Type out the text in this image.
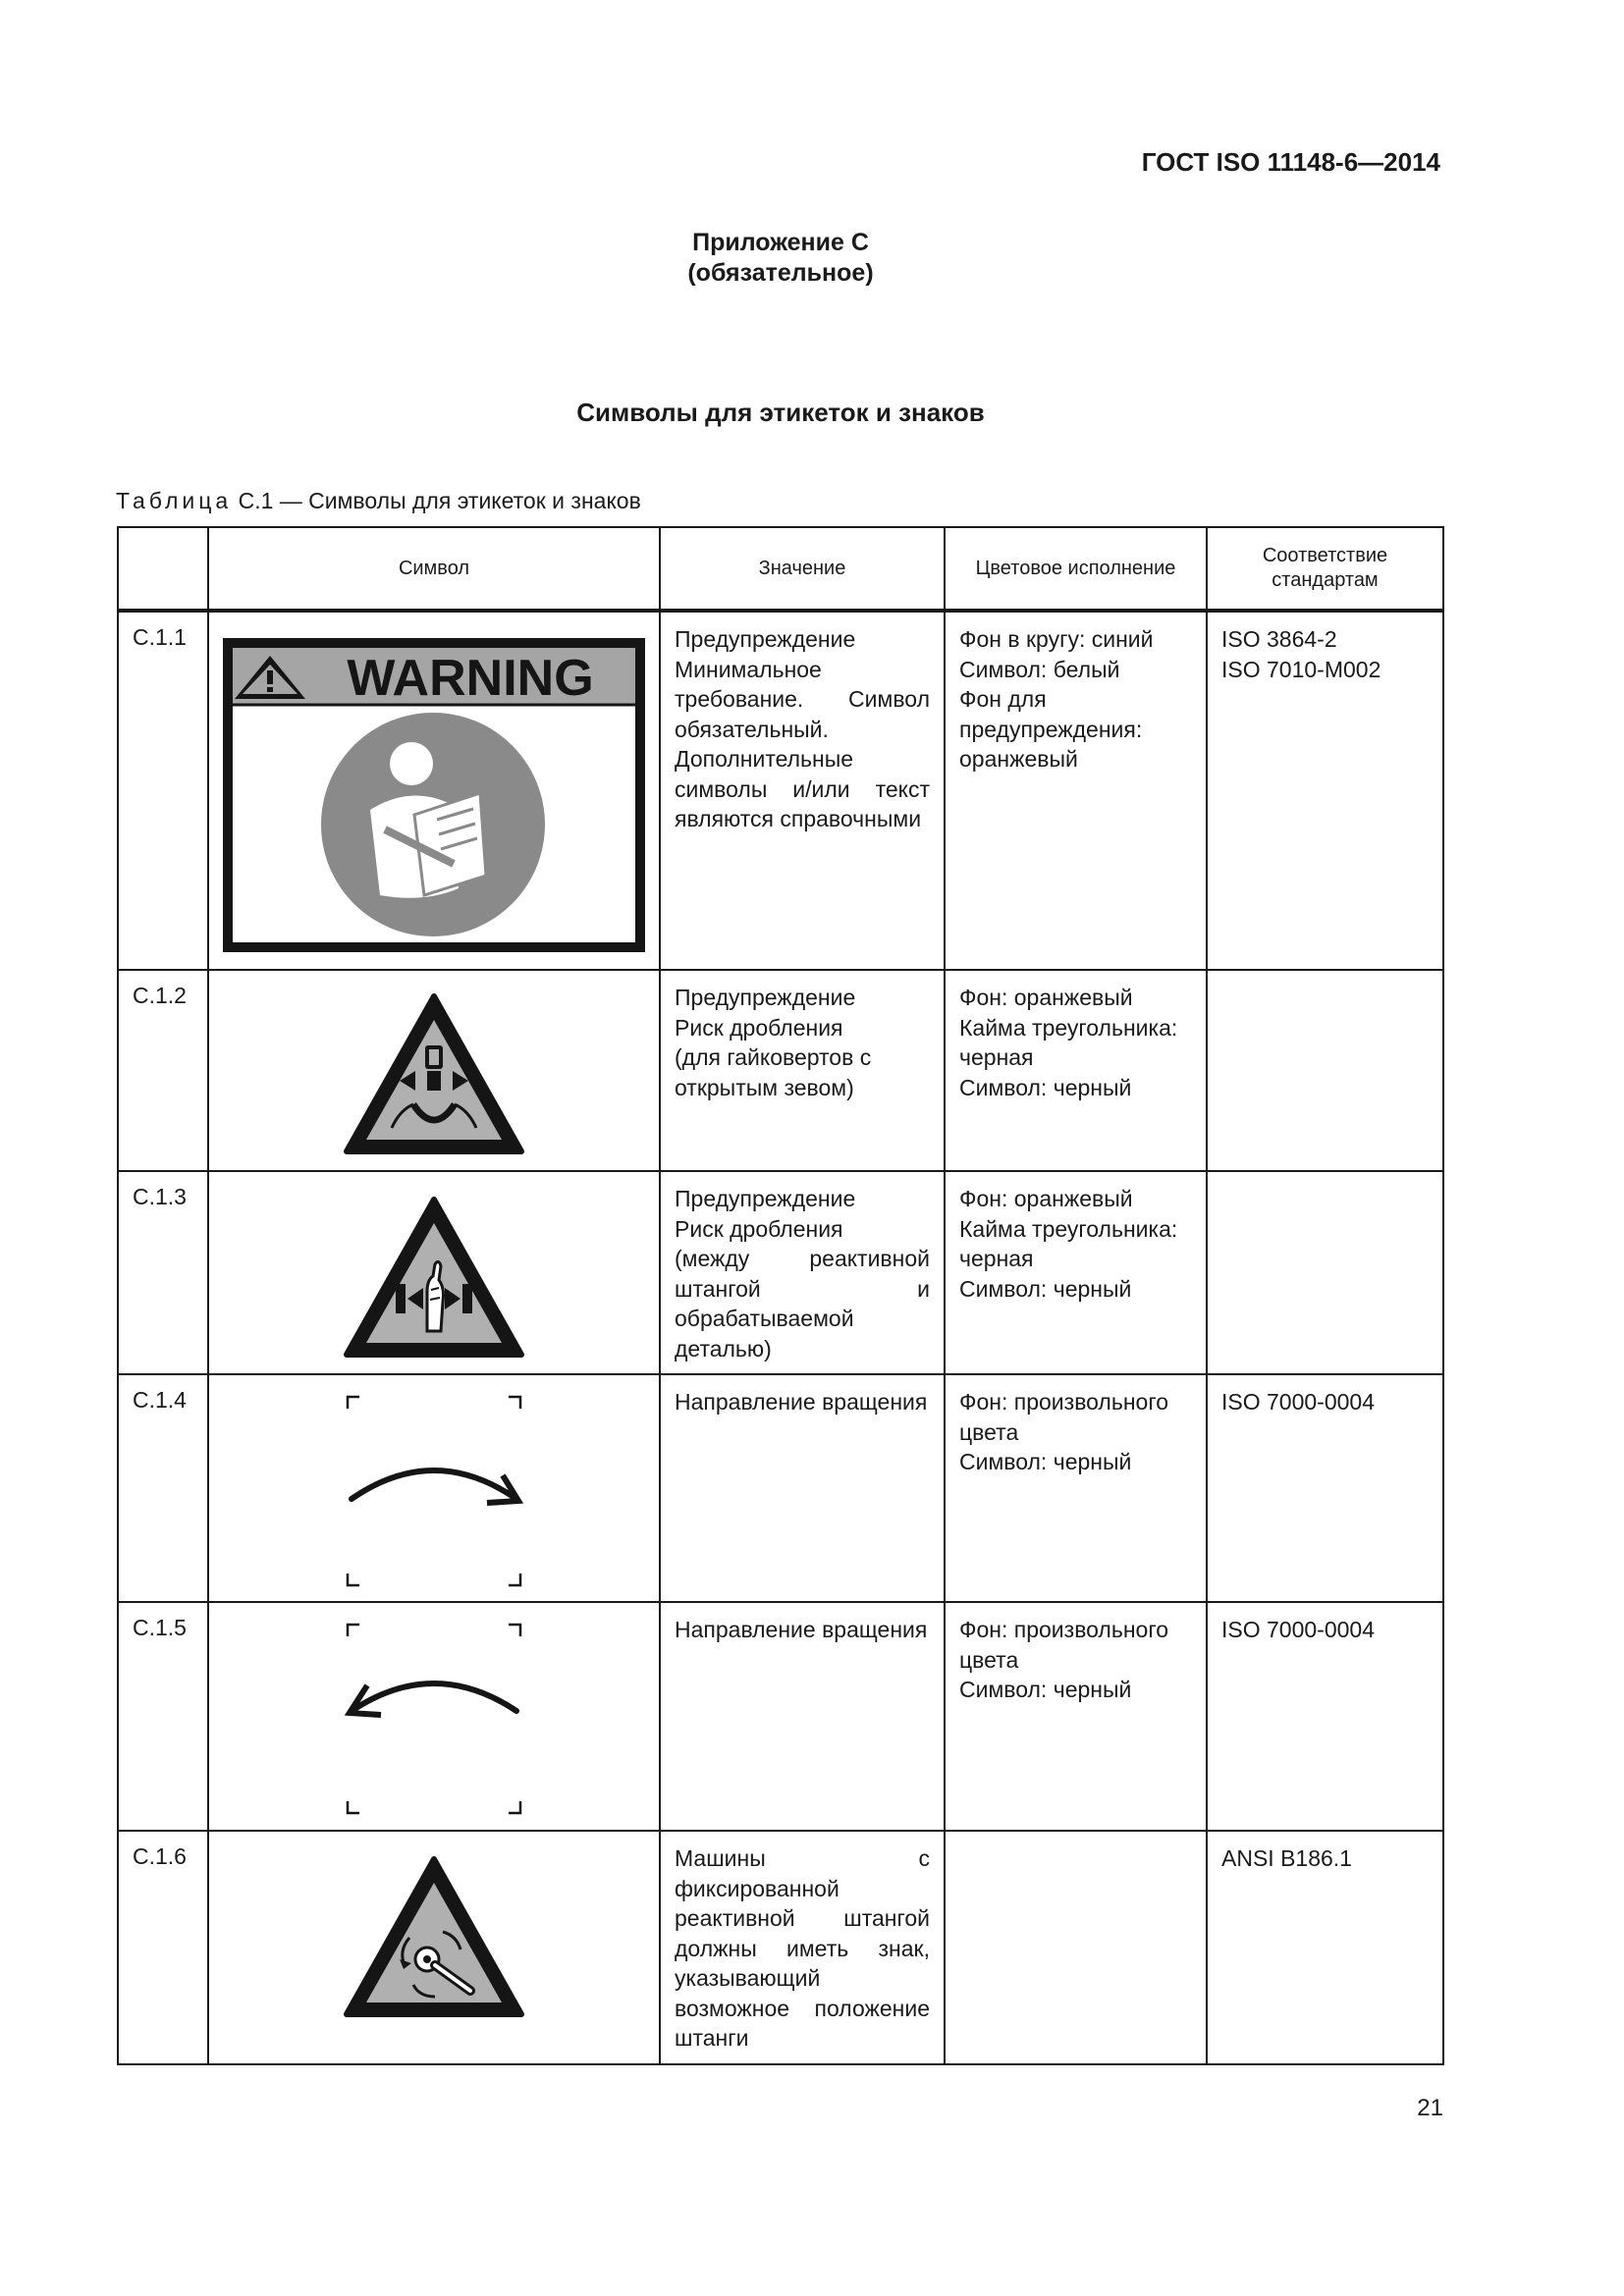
ГОСТ ISO 11148-6—2014
Приложение С
(обязательное)
Символы для этикеток и знаков
Таблица С.1 — Символы для этикеток и знаков
	Символ	Значение	Цветовое исполнение	Соответствие стандартам
С.1.1	WARNING	Предупреждение
Минимальное требование. Символ обязательный. Дополнительные символы и/или текст являются справочными	Фон в кругу: синий
Символ: белый
Фон для предупреждения: оранжевый	ISO 3864-2
ISO 7010-M002

С.1.2		Предупреждение
Риск дробления
(для гайковертов с открытым зевом)	Фон: оранжевый
Кайма треугольника: черная
Символ: черный	

С.1.3		Предупреждение
Риск дробления
(между реактивной штангой и обрабатываемой деталью)	Фон: оранжевый
Кайма треугольника: черная
Символ: черный	

С.1.4		Направление вращения	Фон: произвольного цвета
Символ: черный	ISO 7000-0004

С.1.5		Направление вращения	Фон: произвольного цвета
Символ: черный	ISO 7000-0004

С.1.6		Машины с фиксированной реактивной штангой должны иметь знак, указывающий возможное положение штанги		ANSI B186.1
21
